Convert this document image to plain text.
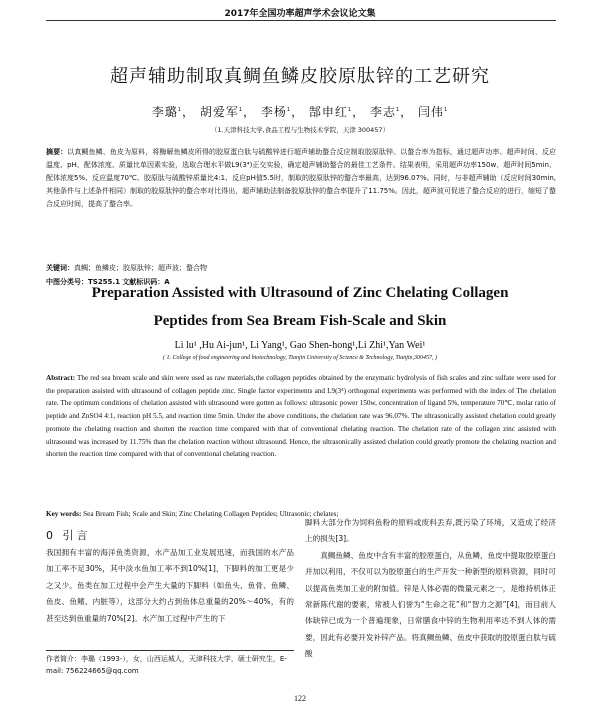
2017年全国功率超声学术会议论文集
超声辅助制取真鲷鱼鳞皮胶原肽锌的工艺研究
李璐$^1$， 胡爱军$^1$， 李杨$^1$， 郜申红$^1$， 李志$^1$， 闫伟$^1$
（1.天津科技大学,食品工程与生物技术学院，天津 300457）
摘要：以真鲷鱼鳞、鱼皮为原料，将酶解鱼鳞皮所得的胶原蛋白肽与硫酸锌进行超声辅助螯合反应制取胶原肽锌。以螯合率为指标，通过超声功率、超声时间、反应温度、pH、配体浓度、质量比单因素实验，选取合理水平做L9(3⁴)正交实验，确定超声辅助螯合的最佳工艺条件。结果表明，采用超声功率150w、超声时间5min、配体浓度5%、反应温度70℃、胶原肽与硫酸锌质量比4:1、反应pH值5.5时，制取的胶原肽锌的螯合率最高，达到96.07%。同时，与非超声辅助（反应时间30min,其他条件与上述条件相同）制取的胶原肽锌的螯合率对比得出，超声辅助法制备胶原肽锌的螯合率提升了11.75%。因此，超声波可促进了螯合反应的进行，缩短了螯合反应时间，提高了螯合率。
关键词：真鲷；鱼鳞皮；胶原肽锌；超声波；螯合物
中图分类号：TS255.1 文献标识码：A
Preparation Assisted with Ultrasound of Zinc Chelating Collagen
Peptides from Sea Bream Fish-Scale and Skin
Li lu¹ ,Hu Ai-jun¹, Li Yang¹, Gao Shen-hong¹,Li Zhi¹,Yan Wei¹
( 1. College of food engineering and biotechnology, Tianjin University of Science & Technology, Tianjin,300457, )
Abstract: The red sea bream scale and skin were used as raw materials,the collagen peptides obtained by the enzymatic hydrolysis of fish scales and zinc sulfate were used for the preparation assisted with ultrasound of collagen peptide zinc. Single factor experiments and L9(3⁴) orthogonal experiments was performed with the index of The chelation rate. The optimum conditions of chelation assisted with ultrasound were gotten as follows: ultrasonic power 150w, concentration of ligand 5%, temperature 70℃, molar ratio of peptide and ZnSO4 4:1, reaction pH 5.5, and reaction time 5min. Under the above conditions, the chelation rate was 96.07%. The ultrasonically assisted chelation could greatly promote the chelating reaction and shorten the reaction time compared with that of conventional chelating reaction. The chelation rate of the collagen zinc assisted with ultrasound was increased by 11.75% than the chelation reaction without ultrasound. Hence, the ultrasonically assisted chelation could greatly promote the chelating reaction and shorten the reaction time compared with that of conventional chelating reaction.
Key words: Sea Bream Fish; Scale and Skin; Zinc Chelating Collagen Peptides; Ultrasonic; chelates;
0 引言
我国拥有丰富的海洋鱼类资源，水产品加工业发展迅速，而我国的水产品加工率不足30%，其中淡水鱼加工率不到10%[1]，下脚料的加工更是少之又少。鱼类在加工过程中会产生大量的下脚料（如鱼头、鱼骨、鱼鳞、鱼皮、鱼鳍、内脏等），这部分大约占到鱼体总重量的20%～40%，有的甚至达到鱼重量的70%[2]。水产加工过程中产生的下
脚料大部分作为饲料鱼粉的原料或废料丢弃,既污染了环境，又造成了经济上的损失[3]。
真鲷鱼鳞、鱼皮中含有丰富的胶原蛋白，从鱼鳞、鱼皮中提取胶原蛋白并加以利用，不仅可以为胶原蛋白的生产开发一种新型的原料资源，同时可以提高鱼类加工业的附加值。锌是人体必需的微量元素之一，是维持机体正常新陈代谢的要素，常被人们誉为“生命之花”和“智力之源”[4]，而目前人体缺锌已成为一个普遍现象，日常膳食中锌的生物利用率达不到人体的需要，因此有必要开发补锌产品。将真鲷鱼鳞、鱼皮中获取的胶原蛋白肽与硫酸
作者简介：李璐（1993-），女，山西运城人，天津科技大学，硕士研究生，E-mail: 756224665@qq.com
122
